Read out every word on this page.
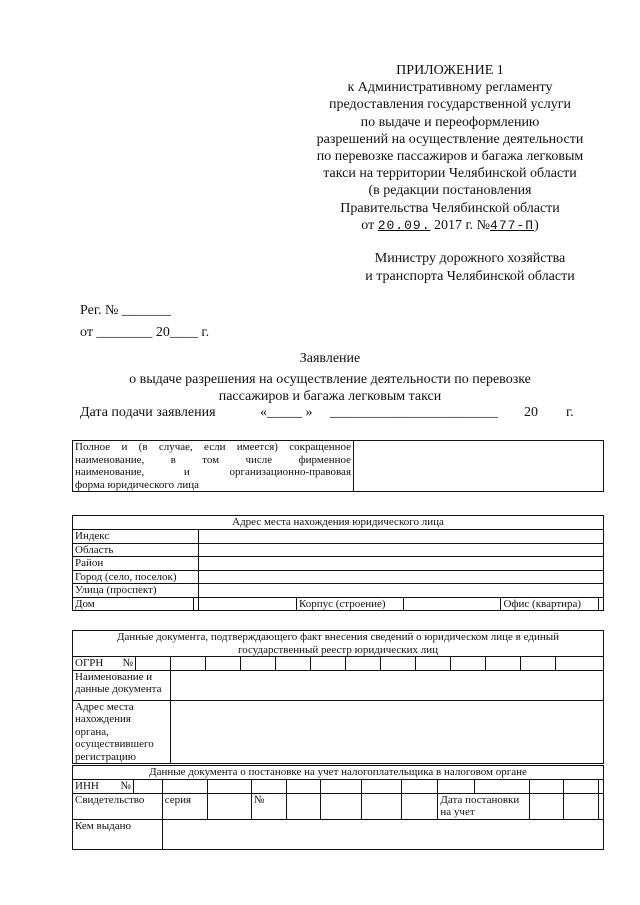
ПРИЛОЖЕНИЕ 1
к Административному регламенту
предоставления государственной услуги
по выдаче и переоформлению
разрешений на осуществление деятельности
по перевозке пассажиров и багажа легковым
такси на территории Челябинской области
(в редакции постановления
Правительства Челябинской области
от 20.09. 2017 г. №477-П)
Министру дорожного хозяйства
и транспорта Челябинской области
Рег. № _______
от ________ 20____ г.
Заявление
о выдаче разрешения на осуществление деятельности по перевозке
пассажиров и багажа легковым такси
Дата подачи заявления	«_____ » ________________________ 20 г.
Полное и (в случае, если имеется) сокращенное
наименование, в том числе фирменное
наименование, и организационно-правовая
форма юридического лица

Адрес места нахождения юридического лица						
Индекс						
Область						
Район						
Город (село, поселок)						
Улица (проспект)						
Дом			Корпус (строение)		Офис (квартира)	
Данные документа, подтверждающего факт внесения сведений о юридическом лице в единый
государственный реестр юридических лиц													

ОГРН №													

Наименование и данные документа													

Адрес места нахождения
органа, осуществившего
регистрацию													

Данные документа о постановке на учет налогоплательщика в налоговом органе													
ИНН №													

Свидетельство		серия		№					Дата постановки
на учет				

Кем выдано													
